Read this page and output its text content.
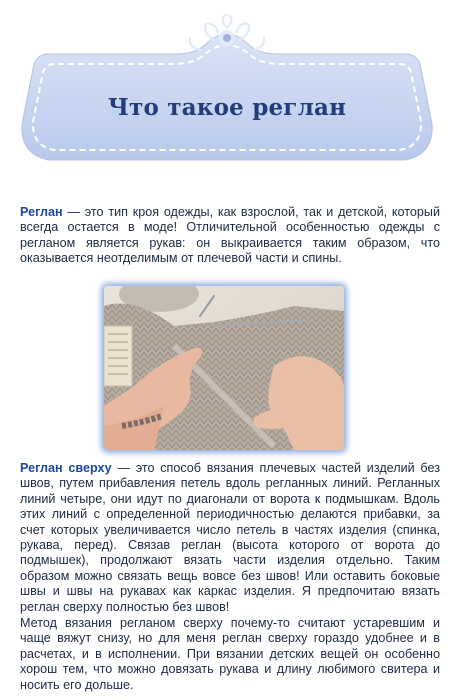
Что такое реглан

Реглан — это тип кроя одежды, как взрослой, так и детской, который всегда остается в моде! Отличительной особенностью одежды с регланом является рукав: он выкраивается таким образом, что оказывается неотделимым от плечевой части и спины.

Реглан сверху — это способ вязания плечевых частей изделий без швов, путем прибавления петель вдоль регланных линий. Регланных линий четыре, они идут по диагонали от ворота к подмышкам. Вдоль этих линий с определенной периодичностью делаются прибавки, за счет которых увеличивается число петель в частях изделия (спинка, рукава, перед). Связав реглан (высота которого от ворота до подмышек), продолжают вязать части изделия отдельно. Таким образом можно связать вещь вовсе без швов! Или оставить боковые швы и швы на рукавах как каркас изделия. Я предпочитаю вязать реглан сверху полностью без швов!

Метод вязания регланом сверху почему-то считают устаревшим и чаще вяжут снизу, но для меня реглан сверху гораздо удобнее и в расчетах, и в исполнении. При вязании детских вещей он особенно хорош тем, что можно довязать рукава и длину любимого свитера и носить его дольше.
